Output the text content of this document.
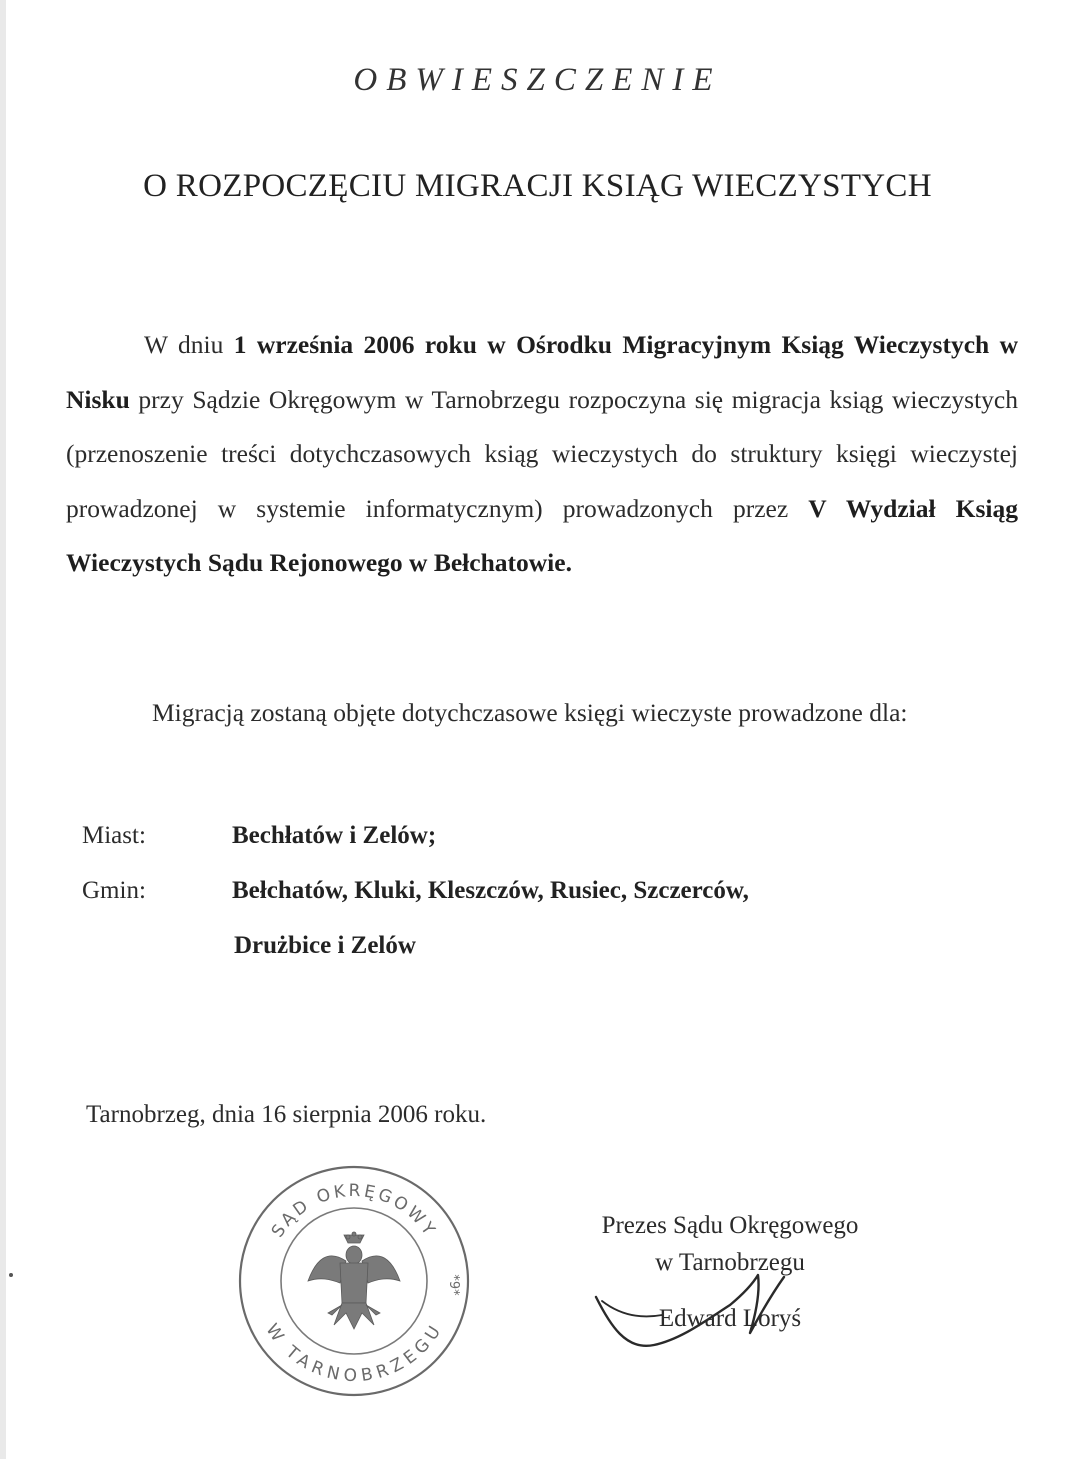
OBWIESZCZENIE
O ROZPOCZĘCIU MIGRACJI KSIĄG WIECZYSTYCH
W dniu 1 września 2006 roku w Ośrodku Migracyjnym Ksiąg Wieczystych w Nisku przy Sądzie Okręgowym w Tarnobrzegu rozpoczyna się migracja ksiąg wieczystych (przenoszenie treści dotychczasowych ksiąg wieczystych do struktury księgi wieczystej prowadzonej w systemie informatycznym) prowadzonych przez V Wydział Ksiąg Wieczystych Sądu Rejonowego w Bełchatowie.
Migracją zostaną objęte dotychczasowe księgi wieczyste prowadzone dla:
Miast:	Bechłatów i Zelów;
Gmin:	Bełchatów, Kluki, Kleszczów, Rusiec, Szczerców,
Drużbice i Zelów
Tarnobrzeg, dnia 16 sierpnia 2006 roku.
SĄD OKRĘGOWY
W TARNOBRZEGU
*9*
Prezes Sądu Okręgowego
w Tarnobrzegu
Edward Loryś
